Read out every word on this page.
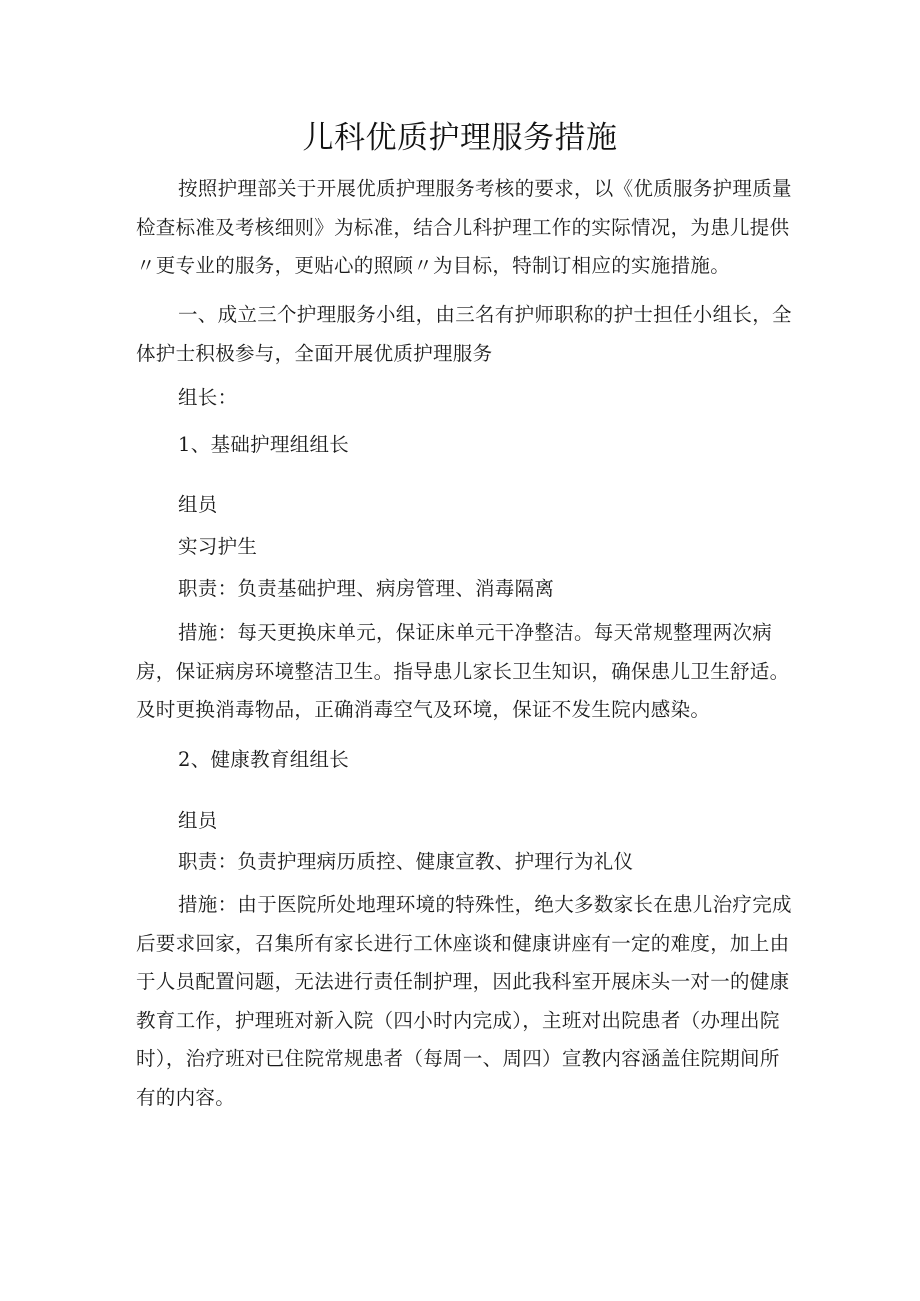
儿科优质护理服务措施

按照护理部关于开展优质护理服务考核的要求，以《优质服务护理质量检查标准及考核细则》为标准，结合儿科护理工作的实际情况，为患儿提供〃更专业的服务，更贴心的照顾〃为目标，特制订相应的实施措施。

一、成立三个护理服务小组，由三名有护师职称的护士担任小组长，全体护士积极参与，全面开展优质护理服务

组长：
1、基础护理组组长
组员
实习护生
职责：负责基础护理、病房管理、消毒隔离

措施：每天更换床单元，保证床单元干净整洁。每天常规整理两次病房，保证病房环境整洁卫生。指导患儿家长卫生知识，确保患儿卫生舒适。及时更换消毒物品，正确消毒空气及环境，保证不发生院内感染。

2、健康教育组组长
组员
职责：负责护理病历质控、健康宣教、护理行为礼仪

措施：由于医院所处地理环境的特殊性，绝大多数家长在患儿治疗完成后要求回家，召集所有家长进行工休座谈和健康讲座有一定的难度，加上由于人员配置问题，无法进行责任制护理，因此我科室开展床头一对一的健康教育工作，护理班对新入院（四小时内完成），主班对出院患者（办理出院时），治疗班对已住院常规患者（每周一、周四）宣教内容涵盖住院期间所有的内容。
